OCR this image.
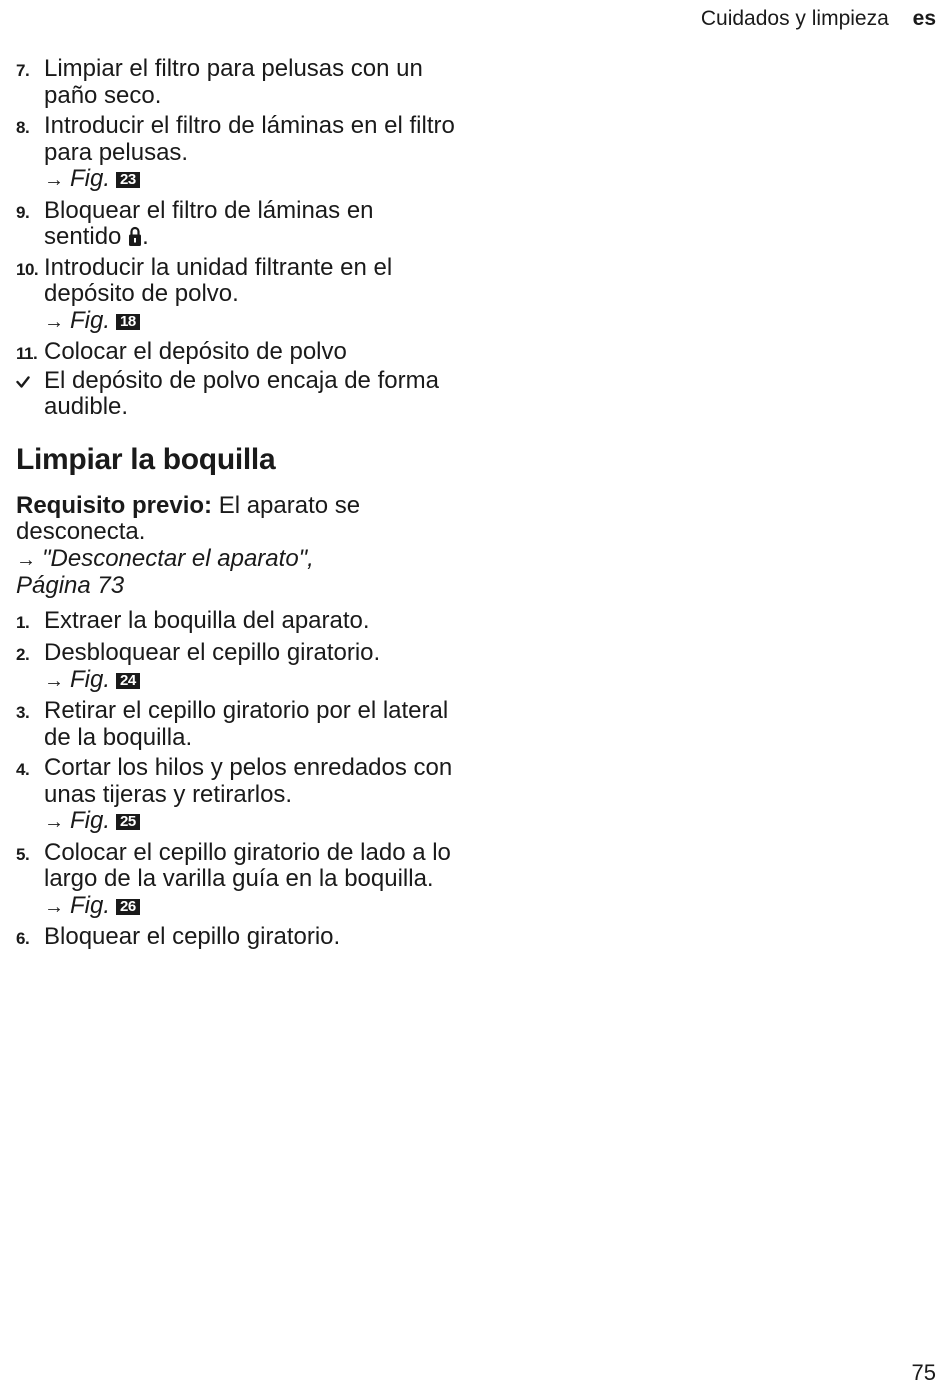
Cuidados y limpieza es
7. Limpiar el filtro para pelusas con un paño seco.
8. Introducir el filtro de láminas en el filtro para pelusas.
→ Fig. 23
9. Bloquear el filtro de láminas en sentido .
10. Introducir la unidad filtrante en el depósito de polvo.
→ Fig. 18
11. Colocar el depósito de polvo
El depósito de polvo encaja de forma audible.
Limpiar la boquilla
Requisito previo: El aparato se desconecta.
→ "Desconectar el aparato",
Página 73
1. Extraer la boquilla del aparato.
2. Desbloquear el cepillo giratorio.
→ Fig. 24
3. Retirar el cepillo giratorio por el lateral de la boquilla.
4. Cortar los hilos y pelos enredados con unas tijeras y retirarlos.
→ Fig. 25
5. Colocar el cepillo giratorio de lado a lo largo de la varilla guía en la boquilla.
→ Fig. 26
6. Bloquear el cepillo giratorio.
75
